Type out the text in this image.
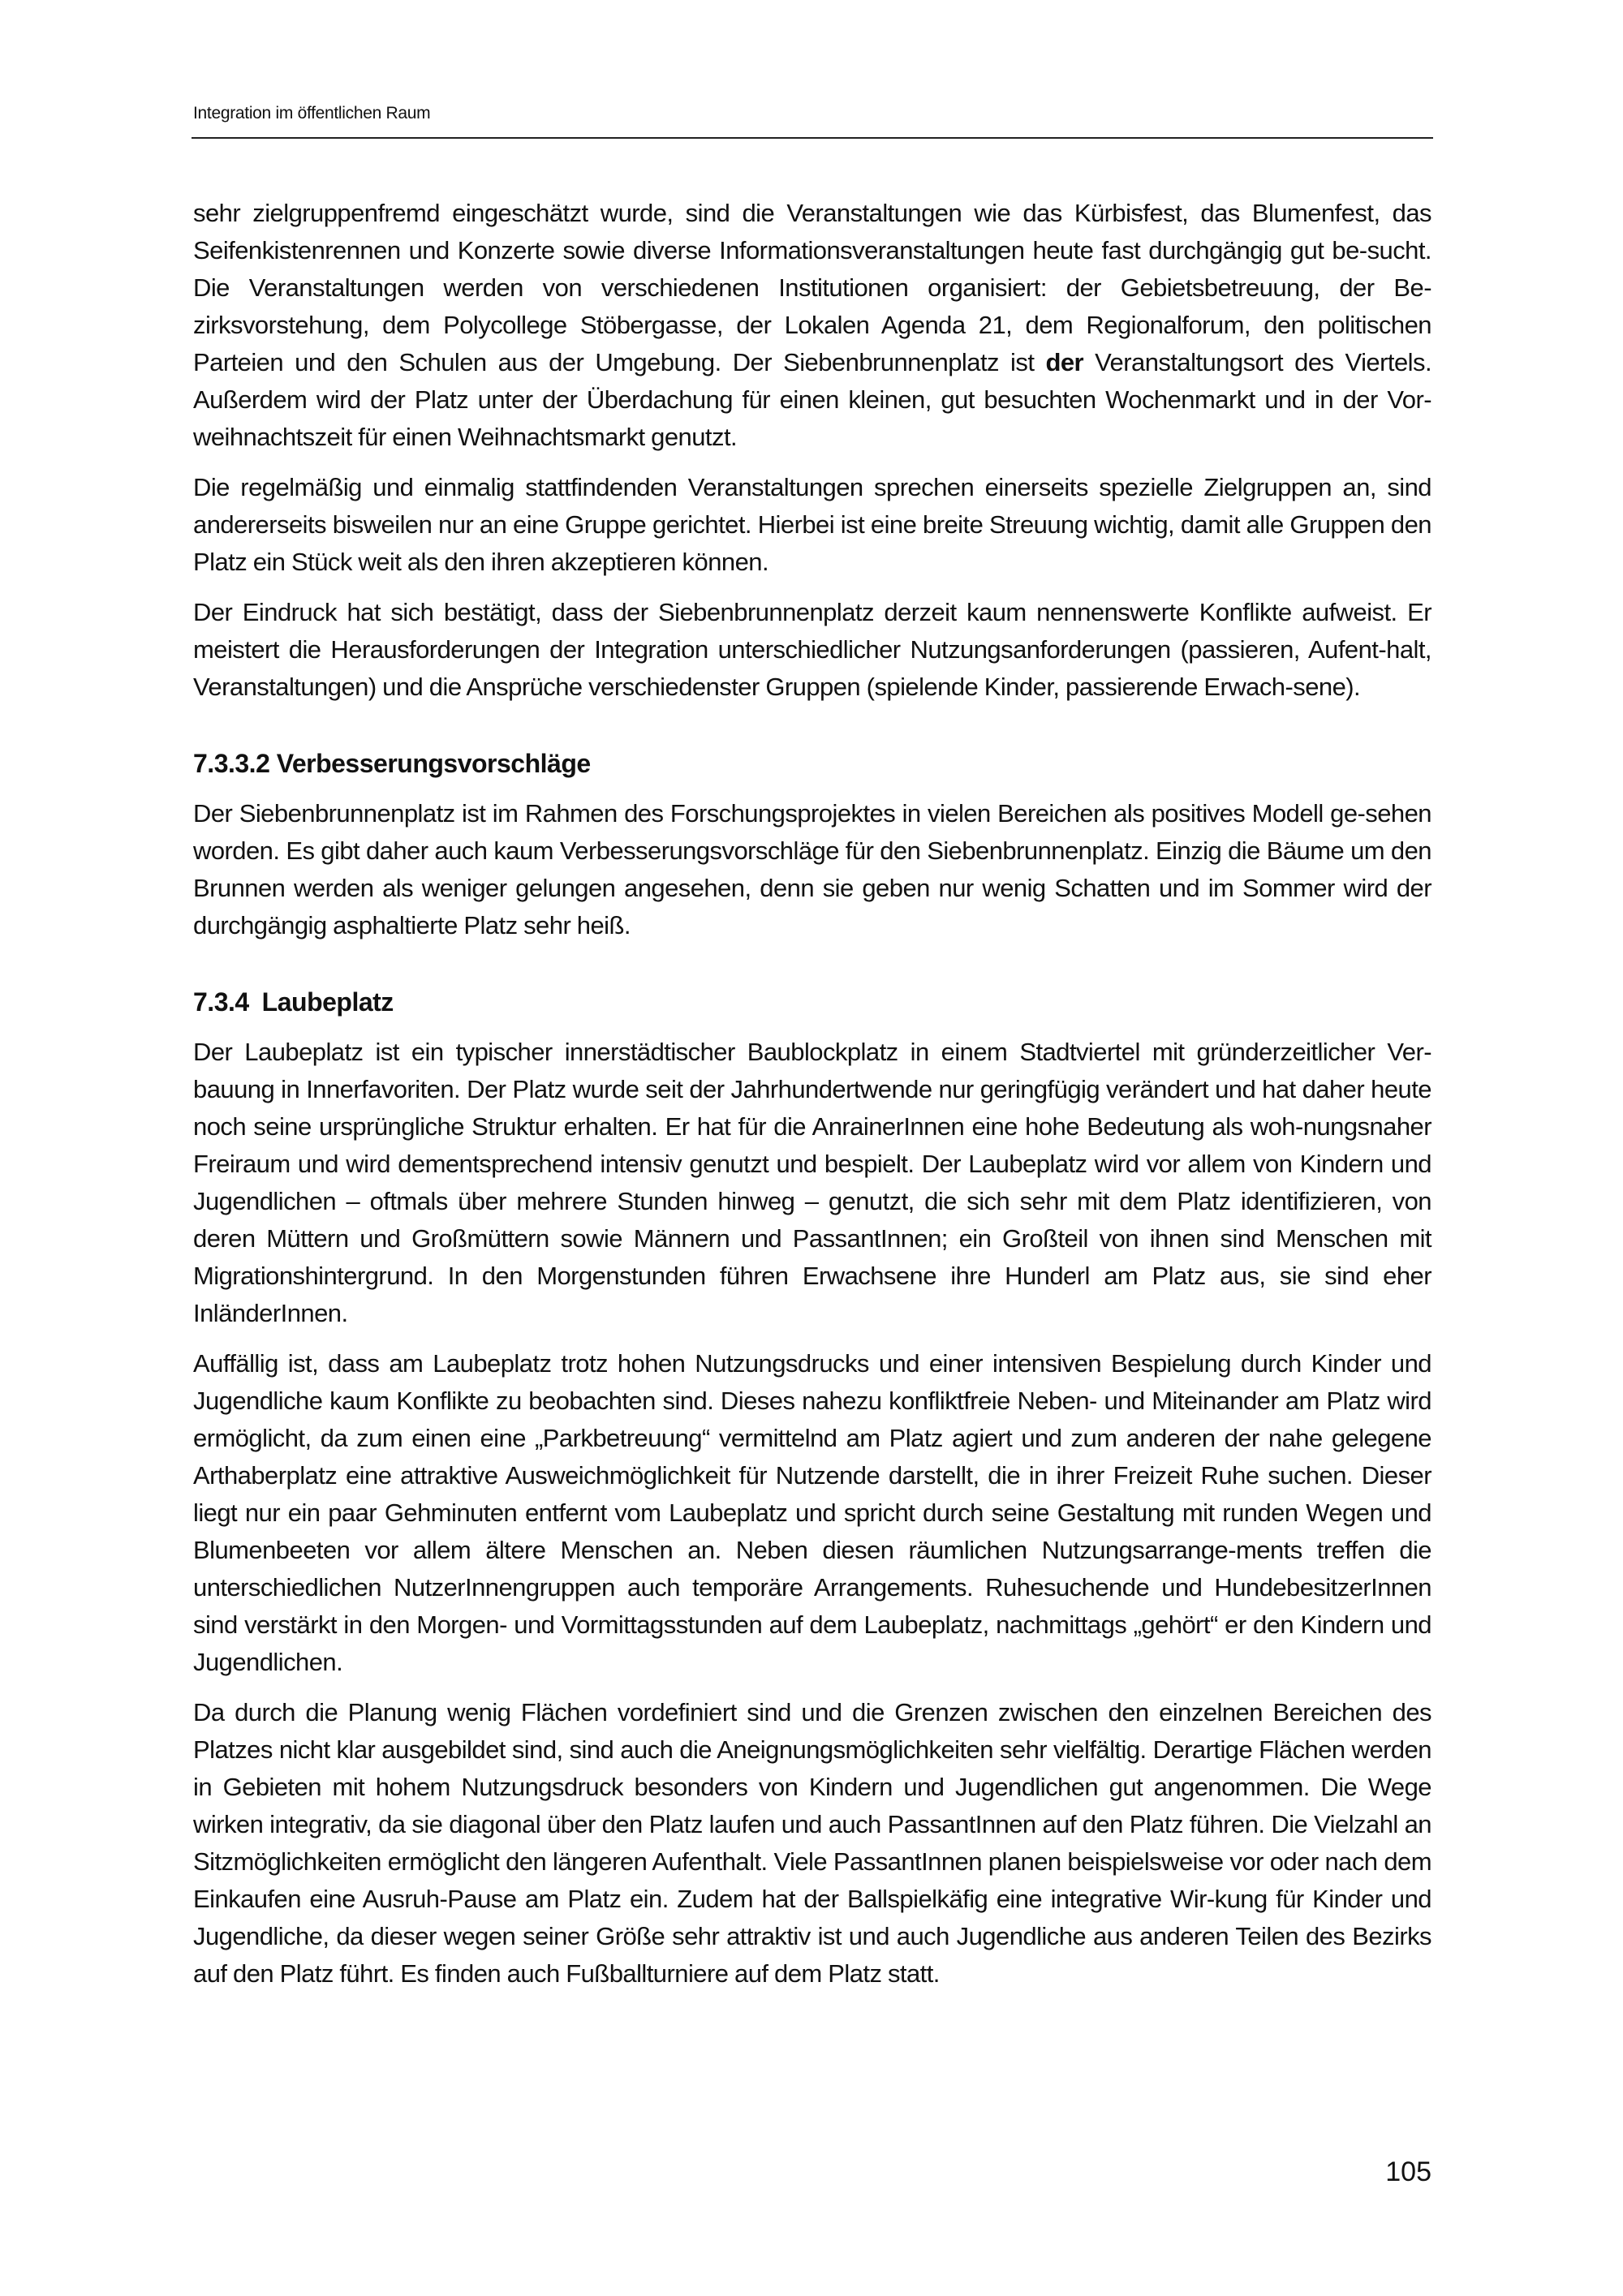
Integration im öffentlichen Raum

sehr zielgruppenfremd eingeschätzt wurde, sind die Veranstaltungen wie das Kürbisfest, das Blumenfest, das Seifenkistenrennen und Konzerte sowie diverse Informationsveranstaltungen heute fast durchgängig gut be-sucht. Die Veranstaltungen werden von verschiedenen Institutionen organisiert: der Gebietsbetreuung, der Be-zirksvorstehung, dem Polycollege Stöbergasse, der Lokalen Agenda 21, dem Regionalforum, den politischen Parteien und den Schulen aus der Umgebung. Der Siebenbrunnenplatz ist der Veranstaltungsort des Viertels. Außerdem wird der Platz unter der Überdachung für einen kleinen, gut besuchten Wochenmarkt und in der Vor-weihnachtszeit für einen Weihnachtsmarkt genutzt.

Die regelmäßig und einmalig stattfindenden Veranstaltungen sprechen einerseits spezielle Zielgruppen an, sind andererseits bisweilen nur an eine Gruppe gerichtet. Hierbei ist eine breite Streuung wichtig, damit alle Gruppen den Platz ein Stück weit als den ihren akzeptieren können.

Der Eindruck hat sich bestätigt, dass der Siebenbrunnenplatz derzeit kaum nennenswerte Konflikte aufweist. Er meistert die Herausforderungen der Integration unterschiedlicher Nutzungsanforderungen (passieren, Aufent-halt, Veranstaltungen) und die Ansprüche verschiedenster Gruppen (spielende Kinder, passierende Erwach-sene).

7.3.3.2 Verbesserungsvorschläge

Der Siebenbrunnenplatz ist im Rahmen des Forschungsprojektes in vielen Bereichen als positives Modell ge-sehen worden. Es gibt daher auch kaum Verbesserungsvorschläge für den Siebenbrunnenplatz. Einzig die Bäume um den Brunnen werden als weniger gelungen angesehen, denn sie geben nur wenig Schatten und im Sommer wird der durchgängig asphaltierte Platz sehr heiß.

7.3.4 Laubeplatz

Der Laubeplatz ist ein typischer innerstädtischer Baublockplatz in einem Stadtviertel mit gründerzeitlicher Ver-bauung in Innerfavoriten. Der Platz wurde seit der Jahrhundertwende nur geringfügig verändert und hat daher heute noch seine ursprüngliche Struktur erhalten. Er hat für die AnrainerInnen eine hohe Bedeutung als woh-nungsnaher Freiraum und wird dementsprechend intensiv genutzt und bespielt. Der Laubeplatz wird vor allem von Kindern und Jugendlichen – oftmals über mehrere Stunden hinweg – genutzt, die sich sehr mit dem Platz identifizieren, von deren Müttern und Großmüttern sowie Männern und PassantInnen; ein Großteil von ihnen sind Menschen mit Migrationshintergrund. In den Morgenstunden führen Erwachsene ihre Hunderl am Platz aus, sie sind eher InländerInnen.

Auffällig ist, dass am Laubeplatz trotz hohen Nutzungsdrucks und einer intensiven Bespielung durch Kinder und Jugendliche kaum Konflikte zu beobachten sind. Dieses nahezu konfliktfreie Neben- und Miteinander am Platz wird ermöglicht, da zum einen eine „Parkbetreuung“ vermittelnd am Platz agiert und zum anderen der nahe gelegene Arthaberplatz eine attraktive Ausweichmöglichkeit für Nutzende darstellt, die in ihrer Freizeit Ruhe suchen. Dieser liegt nur ein paar Gehminuten entfernt vom Laubeplatz und spricht durch seine Gestaltung mit runden Wegen und Blumenbeeten vor allem ältere Menschen an. Neben diesen räumlichen Nutzungsarrange-ments treffen die unterschiedlichen NutzerInnengruppen auch temporäre Arrangements. Ruhesuchende und HundebesitzerInnen sind verstärkt in den Morgen- und Vormittagsstunden auf dem Laubeplatz, nachmittags „gehört“ er den Kindern und Jugendlichen.

Da durch die Planung wenig Flächen vordefiniert sind und die Grenzen zwischen den einzelnen Bereichen des Platzes nicht klar ausgebildet sind, sind auch die Aneignungsmöglichkeiten sehr vielfältig. Derartige Flächen werden in Gebieten mit hohem Nutzungsdruck besonders von Kindern und Jugendlichen gut angenommen. Die Wege wirken integrativ, da sie diagonal über den Platz laufen und auch PassantInnen auf den Platz führen. Die Vielzahl an Sitzmöglichkeiten ermöglicht den längeren Aufenthalt. Viele PassantInnen planen beispielsweise vor oder nach dem Einkaufen eine Ausruh-Pause am Platz ein. Zudem hat der Ballspielkäfig eine integrative Wir-kung für Kinder und Jugendliche, da dieser wegen seiner Größe sehr attraktiv ist und auch Jugendliche aus anderen Teilen des Bezirks auf den Platz führt. Es finden auch Fußballturniere auf dem Platz statt.

105
